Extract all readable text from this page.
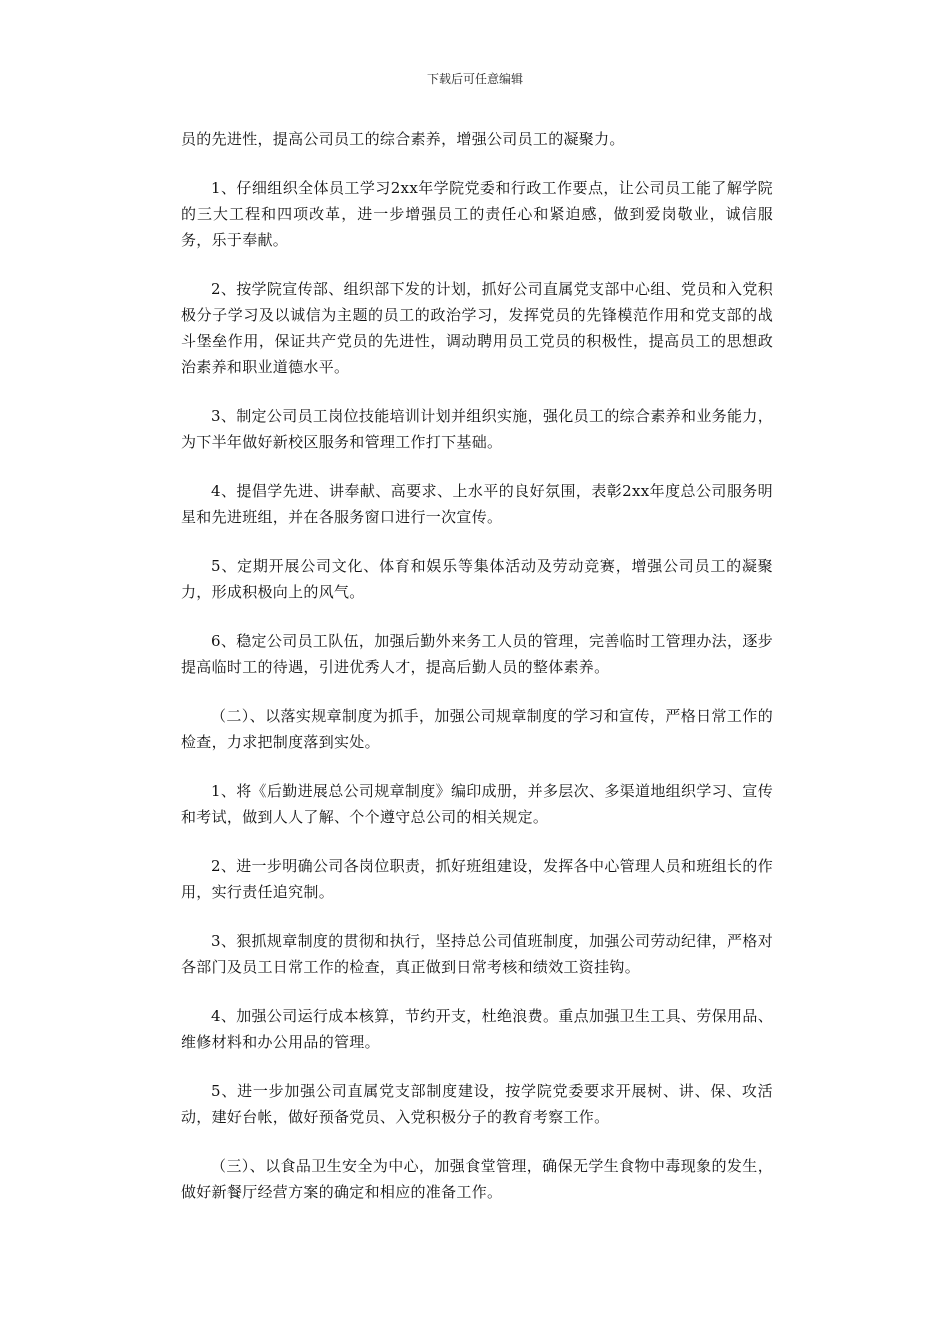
下载后可任意编辑

员的先进性，提高公司员工的综合素养，增强公司员工的凝聚力。

1、仔细组织全体员工学习2xx年学院党委和行政工作要点，让公司员工能了解学院的三大工程和四项改革，进一步增强员工的责任心和紧迫感，做到爱岗敬业，诚信服务，乐于奉献。

2、按学院宣传部、组织部下发的计划，抓好公司直属党支部中心组、党员和入党积极分子学习及以诚信为主题的员工的政治学习，发挥党员的先锋模范作用和党支部的战斗堡垒作用，保证共产党员的先进性，调动聘用员工党员的积极性，提高员工的思想政治素养和职业道德水平。

3、制定公司员工岗位技能培训计划并组织实施，强化员工的综合素养和业务能力，为下半年做好新校区服务和管理工作打下基础。

4、提倡学先进、讲奉献、高要求、上水平的良好氛围，表彰2xx年度总公司服务明星和先进班组，并在各服务窗口进行一次宣传。

5、定期开展公司文化、体育和娱乐等集体活动及劳动竞赛，增强公司员工的凝聚力，形成积极向上的风气。

6、稳定公司员工队伍，加强后勤外来务工人员的管理，完善临时工管理办法，逐步提高临时工的待遇，引进优秀人才，提高后勤人员的整体素养。

（二）、以落实规章制度为抓手，加强公司规章制度的学习和宣传，严格日常工作的检查，力求把制度落到实处。

1、将《后勤进展总公司规章制度》编印成册，并多层次、多渠道地组织学习、宣传和考试，做到人人了解、个个遵守总公司的相关规定。

2、进一步明确公司各岗位职责，抓好班组建设，发挥各中心管理人员和班组长的作用，实行责任追究制。

3、狠抓规章制度的贯彻和执行，坚持总公司值班制度，加强公司劳动纪律，严格对各部门及员工日常工作的检查，真正做到日常考核和绩效工资挂钩。

4、加强公司运行成本核算，节约开支，杜绝浪费。重点加强卫生工具、劳保用品、维修材料和办公用品的管理。

5、进一步加强公司直属党支部制度建设，按学院党委要求开展树、讲、保、攻活动，建好台帐，做好预备党员、入党积极分子的教育考察工作。

（三）、以食品卫生安全为中心，加强食堂管理，确保无学生食物中毒现象的发生，做好新餐厅经营方案的确定和相应的准备工作。
